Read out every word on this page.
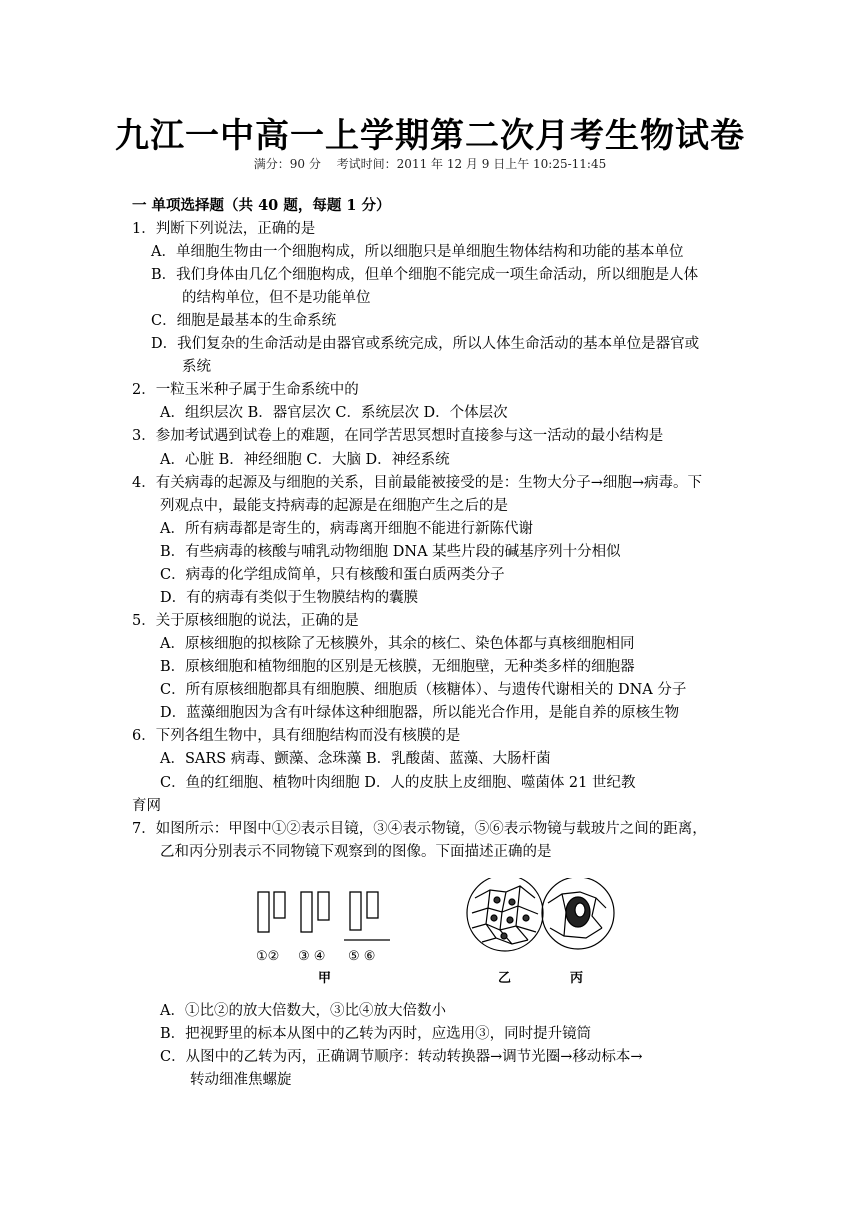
九江一中高一上学期第二次月考生物试卷
满分：90 分 考试时间：2011 年 12 月 9 日上午 10:25-11:45
一 单项选择题（共 40 题，每题 1 分）
1．判断下列说法，正确的是
A．单细胞生物由一个细胞构成，所以细胞只是单细胞生物体结构和功能的基本单位
B．我们身体由几亿个细胞构成，但单个细胞不能完成一项生命活动，所以细胞是人体
的结构单位，但不是功能单位
C．细胞是最基本的生命系统
D．我们复杂的生命活动是由器官或系统完成，所以人体生命活动的基本单位是器官或
系统
2．一粒玉米种子属于生命系统中的
A．组织层次 B．器官层次 C．系统层次 D．个体层次
3．参加考试遇到试卷上的难题，在同学苦思冥想时直接参与这一活动的最小结构是
A．心脏 B．神经细胞 C．大脑 D．神经系统
4．有关病毒的起源及与细胞的关系，目前最能被接受的是：生物大分子→细胞→病毒。下
列观点中，最能支持病毒的起源是在细胞产生之后的是
A．所有病毒都是寄生的，病毒离开细胞不能进行新陈代谢
B．有些病毒的核酸与哺乳动物细胞 DNA 某些片段的碱基序列十分相似
C．病毒的化学组成简单，只有核酸和蛋白质两类分子
D．有的病毒有类似于生物膜结构的囊膜
5．关于原核细胞的说法，正确的是
A．原核细胞的拟核除了无核膜外，其余的核仁、染色体都与真核细胞相同
B．原核细胞和植物细胞的区别是无核膜，无细胞壁，无种类多样的细胞器
C．所有原核细胞都具有细胞膜、细胞质（核糖体）、与遗传代谢相关的 DNA 分子
D．蓝藻细胞因为含有叶绿体这种细胞器，所以能光合作用，是能自养的原核生物
6．下列各组生物中，具有细胞结构而没有核膜的是
A．SARS 病毒、颤藻、念珠藻 B．乳酸菌、蓝藻、大肠杆菌
C．鱼的红细胞、植物叶肉细胞 D．人的皮肤上皮细胞、噬菌体 21 世纪教
育网
7．如图所示：甲图中①②表示目镜，③④表示物镜，⑤⑥表示物镜与载玻片之间的距离，
乙和丙分别表示不同物镜下观察到的图像。下面描述正确的是
①② ③ ④ ⑤ ⑥
甲	乙	丙
A．①比②的放大倍数大，③比④放大倍数小
B．把视野里的标本从图中的乙转为丙时，应选用③，同时提升镜筒
C．从图中的乙转为丙，正确调节顺序：转动转换器→调节光圈→移动标本→
转动细准焦螺旋
